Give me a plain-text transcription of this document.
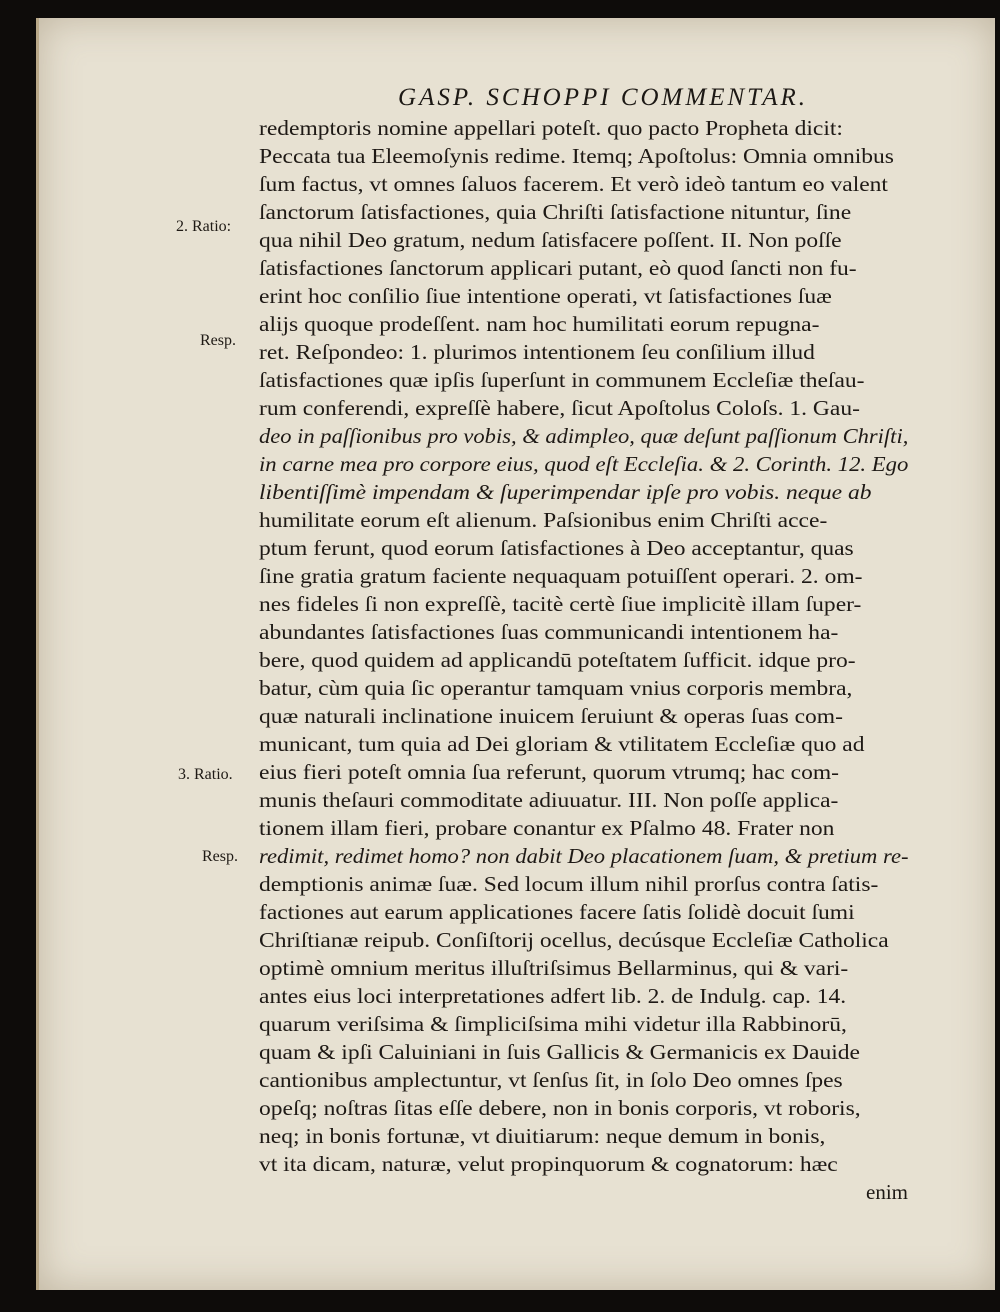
GASP. SCHOPPI COMMENTAR.
2. Ratio:
Resp.
3. Ratio.
Resp.
redemptoris nomine appellari poteſt. quo pacto Propheta dicit:
Peccata tua Eleemoſynis redime. Itemq; Apoſtolus: Omnia omnibus
ſum factus, vt omnes ſaluos facerem. Et verò ideò tantum eo valent
ſanctorum ſatisfactiones, quia Chriſti ſatisfactione nituntur, ſine
qua nihil Deo gratum, nedum ſatisfacere poſſent. II. Non poſſe
ſatisfactiones ſanctorum applicari putant, eò quod ſancti non fu-
erint hoc conſilio ſiue intentione operati, vt ſatisfactiones ſuæ
alijs quoque prodeſſent. nam hoc humilitati eorum repugna-
ret. Reſpondeo: 1. plurimos intentionem ſeu conſilium illud
ſatisfactiones quæ ipſis ſuperſunt in communem Eccleſiæ theſau-
rum conferendi, expreſſè habere, ſicut Apoſtolus Coloſs. 1. Gau-
deo in paſſionibus pro vobis, & adimpleo, quæ deſunt paſſionum Chriſti,
in carne mea pro corpore eius, quod eſt Eccleſia. & 2. Corinth. 12. Ego
libentiſſimè impendam & ſuperimpendar ipſe pro vobis. neque ab
humilitate eorum eſt alienum. Paſsionibus enim Chriſti acce-
ptum ferunt, quod eorum ſatisfactiones à Deo acceptantur, quas
ſine gratia gratum faciente nequaquam potuiſſent operari. 2. om-
nes fideles ſi non expreſſè, tacitè certè ſiue implicitè illam ſuper-
abundantes ſatisfactiones ſuas communicandi intentionem ha-
bere, quod quidem ad applicandū poteſtatem ſufficit. idque pro-
batur, cùm quia ſic operantur tamquam vnius corporis membra,
quæ naturali inclinatione inuicem ſeruiunt & operas ſuas com-
municant, tum quia ad Dei gloriam & vtilitatem Eccleſiæ quo ad
eius fieri poteſt omnia ſua referunt, quorum vtrumq; hac com-
munis theſauri commoditate adiuuatur. III. Non poſſe applica-
tionem illam fieri, probare conantur ex Pſalmo 48. Frater non
redimit, redimet homo? non dabit Deo placationem ſuam, & pretium re-
demptionis animæ ſuæ. Sed locum illum nihil prorſus contra ſatis-
factiones aut earum applicationes facere ſatis ſolidè docuit ſumi
Chriſtianæ reipub. Conſiſtorij ocellus, decúsque Eccleſiæ Catholica
optimè omnium meritus illuſtriſsimus Bellarminus, qui & vari-
antes eius loci interpretationes adfert lib. 2. de Indulg. cap. 14.
quarum veriſsima & ſimpliciſsima mihi videtur illa Rabbinorū,
quam & ipſi Caluiniani in ſuis Gallicis & Germanicis ex Dauide
cantionibus amplectuntur, vt ſenſus ſit, in ſolo Deo omnes ſpes
opeſq; noſtras ſitas eſſe debere, non in bonis corporis, vt roboris,
neq; in bonis fortunæ, vt diuitiarum: neque demum in bonis,
vt ita dicam, naturæ, velut propinquorum & cognatorum: hæc
enim
